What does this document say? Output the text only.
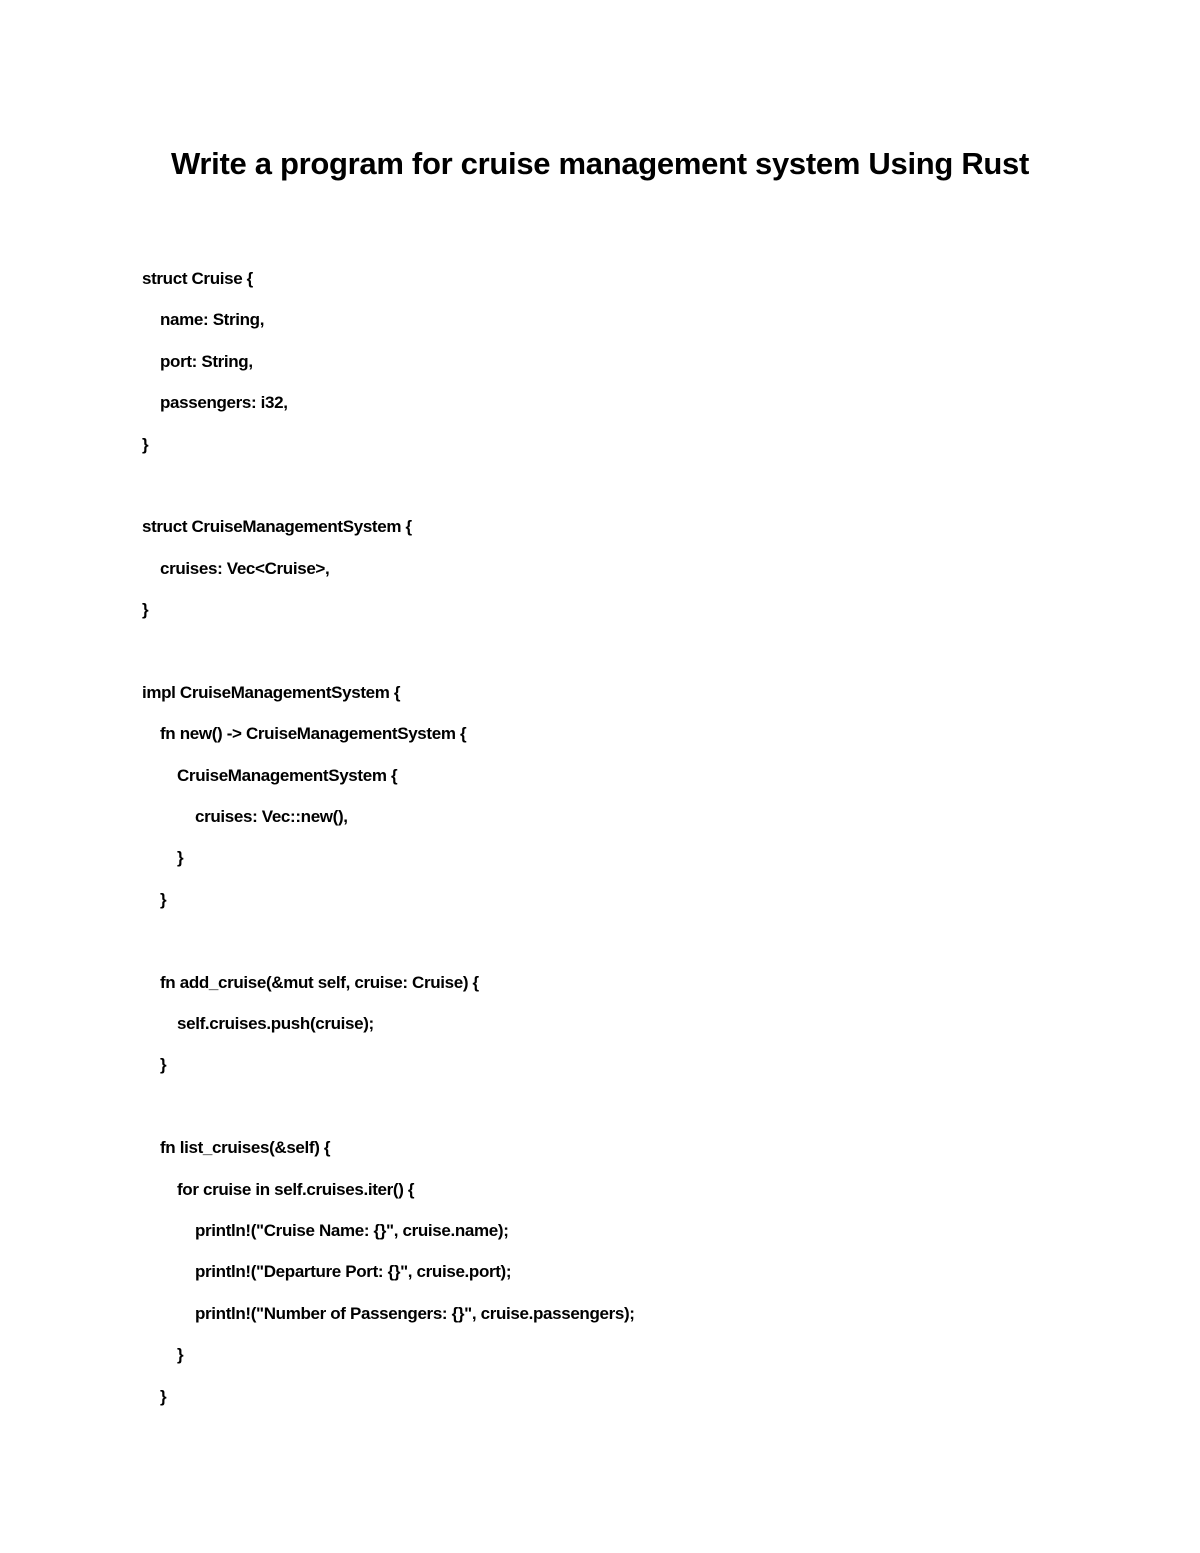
Write a program for cruise management system Using Rust
struct Cruise {
name: String,
port: String,
passengers: i32,
}
struct CruiseManagementSystem {
cruises: Vec<Cruise>,
}
impl CruiseManagementSystem {
fn new() -> CruiseManagementSystem {
CruiseManagementSystem {
cruises: Vec::new(),
}
}
fn add_cruise(&mut self, cruise: Cruise) {
self.cruises.push(cruise);
}
fn list_cruises(&self) {
for cruise in self.cruises.iter() {
println!("Cruise Name: {}", cruise.name);
println!("Departure Port: {}", cruise.port);
println!("Number of Passengers: {}", cruise.passengers);
}
}
